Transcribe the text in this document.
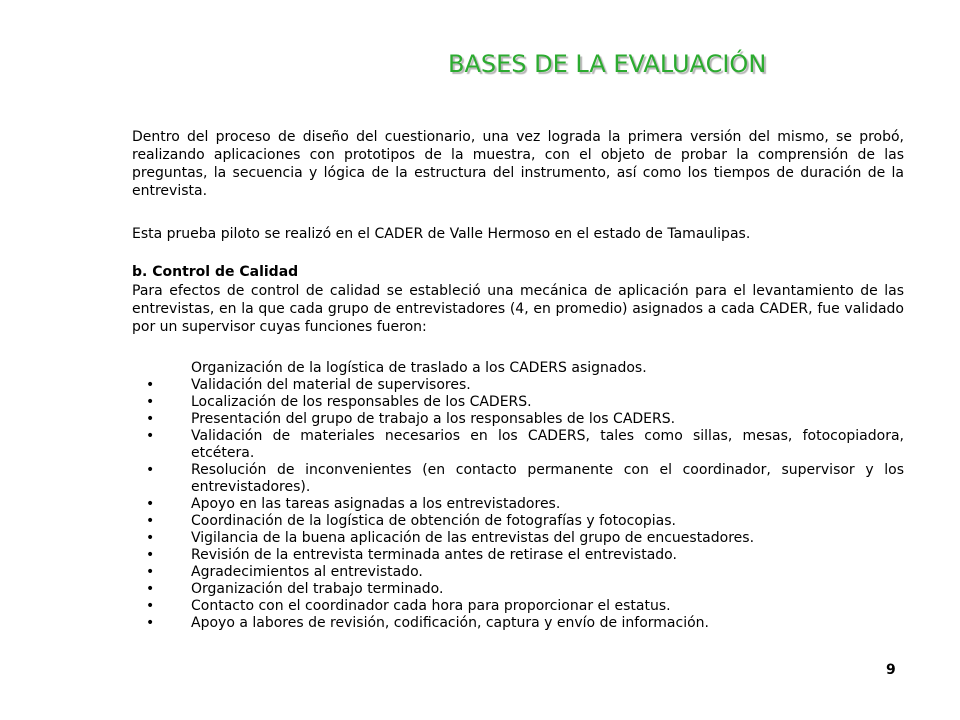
BASES DE LA EVALUACIÓN

Dentro del proceso de diseño del cuestionario, una vez lograda la primera versión del mismo, se probó, realizando aplicaciones con prototipos de la muestra, con el objeto de probar la comprensión de las preguntas, la secuencia y lógica de la estructura del instrumento, así como los tiempos de duración de la entrevista.

Esta prueba piloto se realizó en el CADER de Valle Hermoso en el estado de Tamaulipas.

b. Control de Calidad

Para efectos de control de calidad se estableció una mecánica de aplicación para el levantamiento de las entrevistas, en la que cada grupo de entrevistadores (4, en promedio) asignados a cada CADER, fue validado por un supervisor cuyas funciones fueron:

Organización de la logística de traslado a los CADERS asignados.
•	Validación del material de supervisores.
•	Localización de los responsables de los CADERS.
•	Presentación del grupo de trabajo a los responsables de los CADERS.
•	Validación de materiales necesarios en los CADERS, tales como sillas, mesas, fotocopiadora, etcétera.
•	Resolución de inconvenientes (en contacto permanente con el coordinador, supervisor y los entrevistadores).
•	Apoyo en las tareas asignadas a los entrevistadores.
•	Coordinación de la logística de obtención de fotografías y fotocopias.
•	Vigilancia de la buena aplicación de las entrevistas del grupo de encuestadores.
•	Revisión de la entrevista terminada antes de retirase el entrevistado.
•	Agradecimientos al entrevistado.
•	Organización del trabajo terminado.
•	Contacto con el coordinador cada hora para proporcionar el estatus.
•	Apoyo a labores de revisión, codificación, captura y envío de información.
9
